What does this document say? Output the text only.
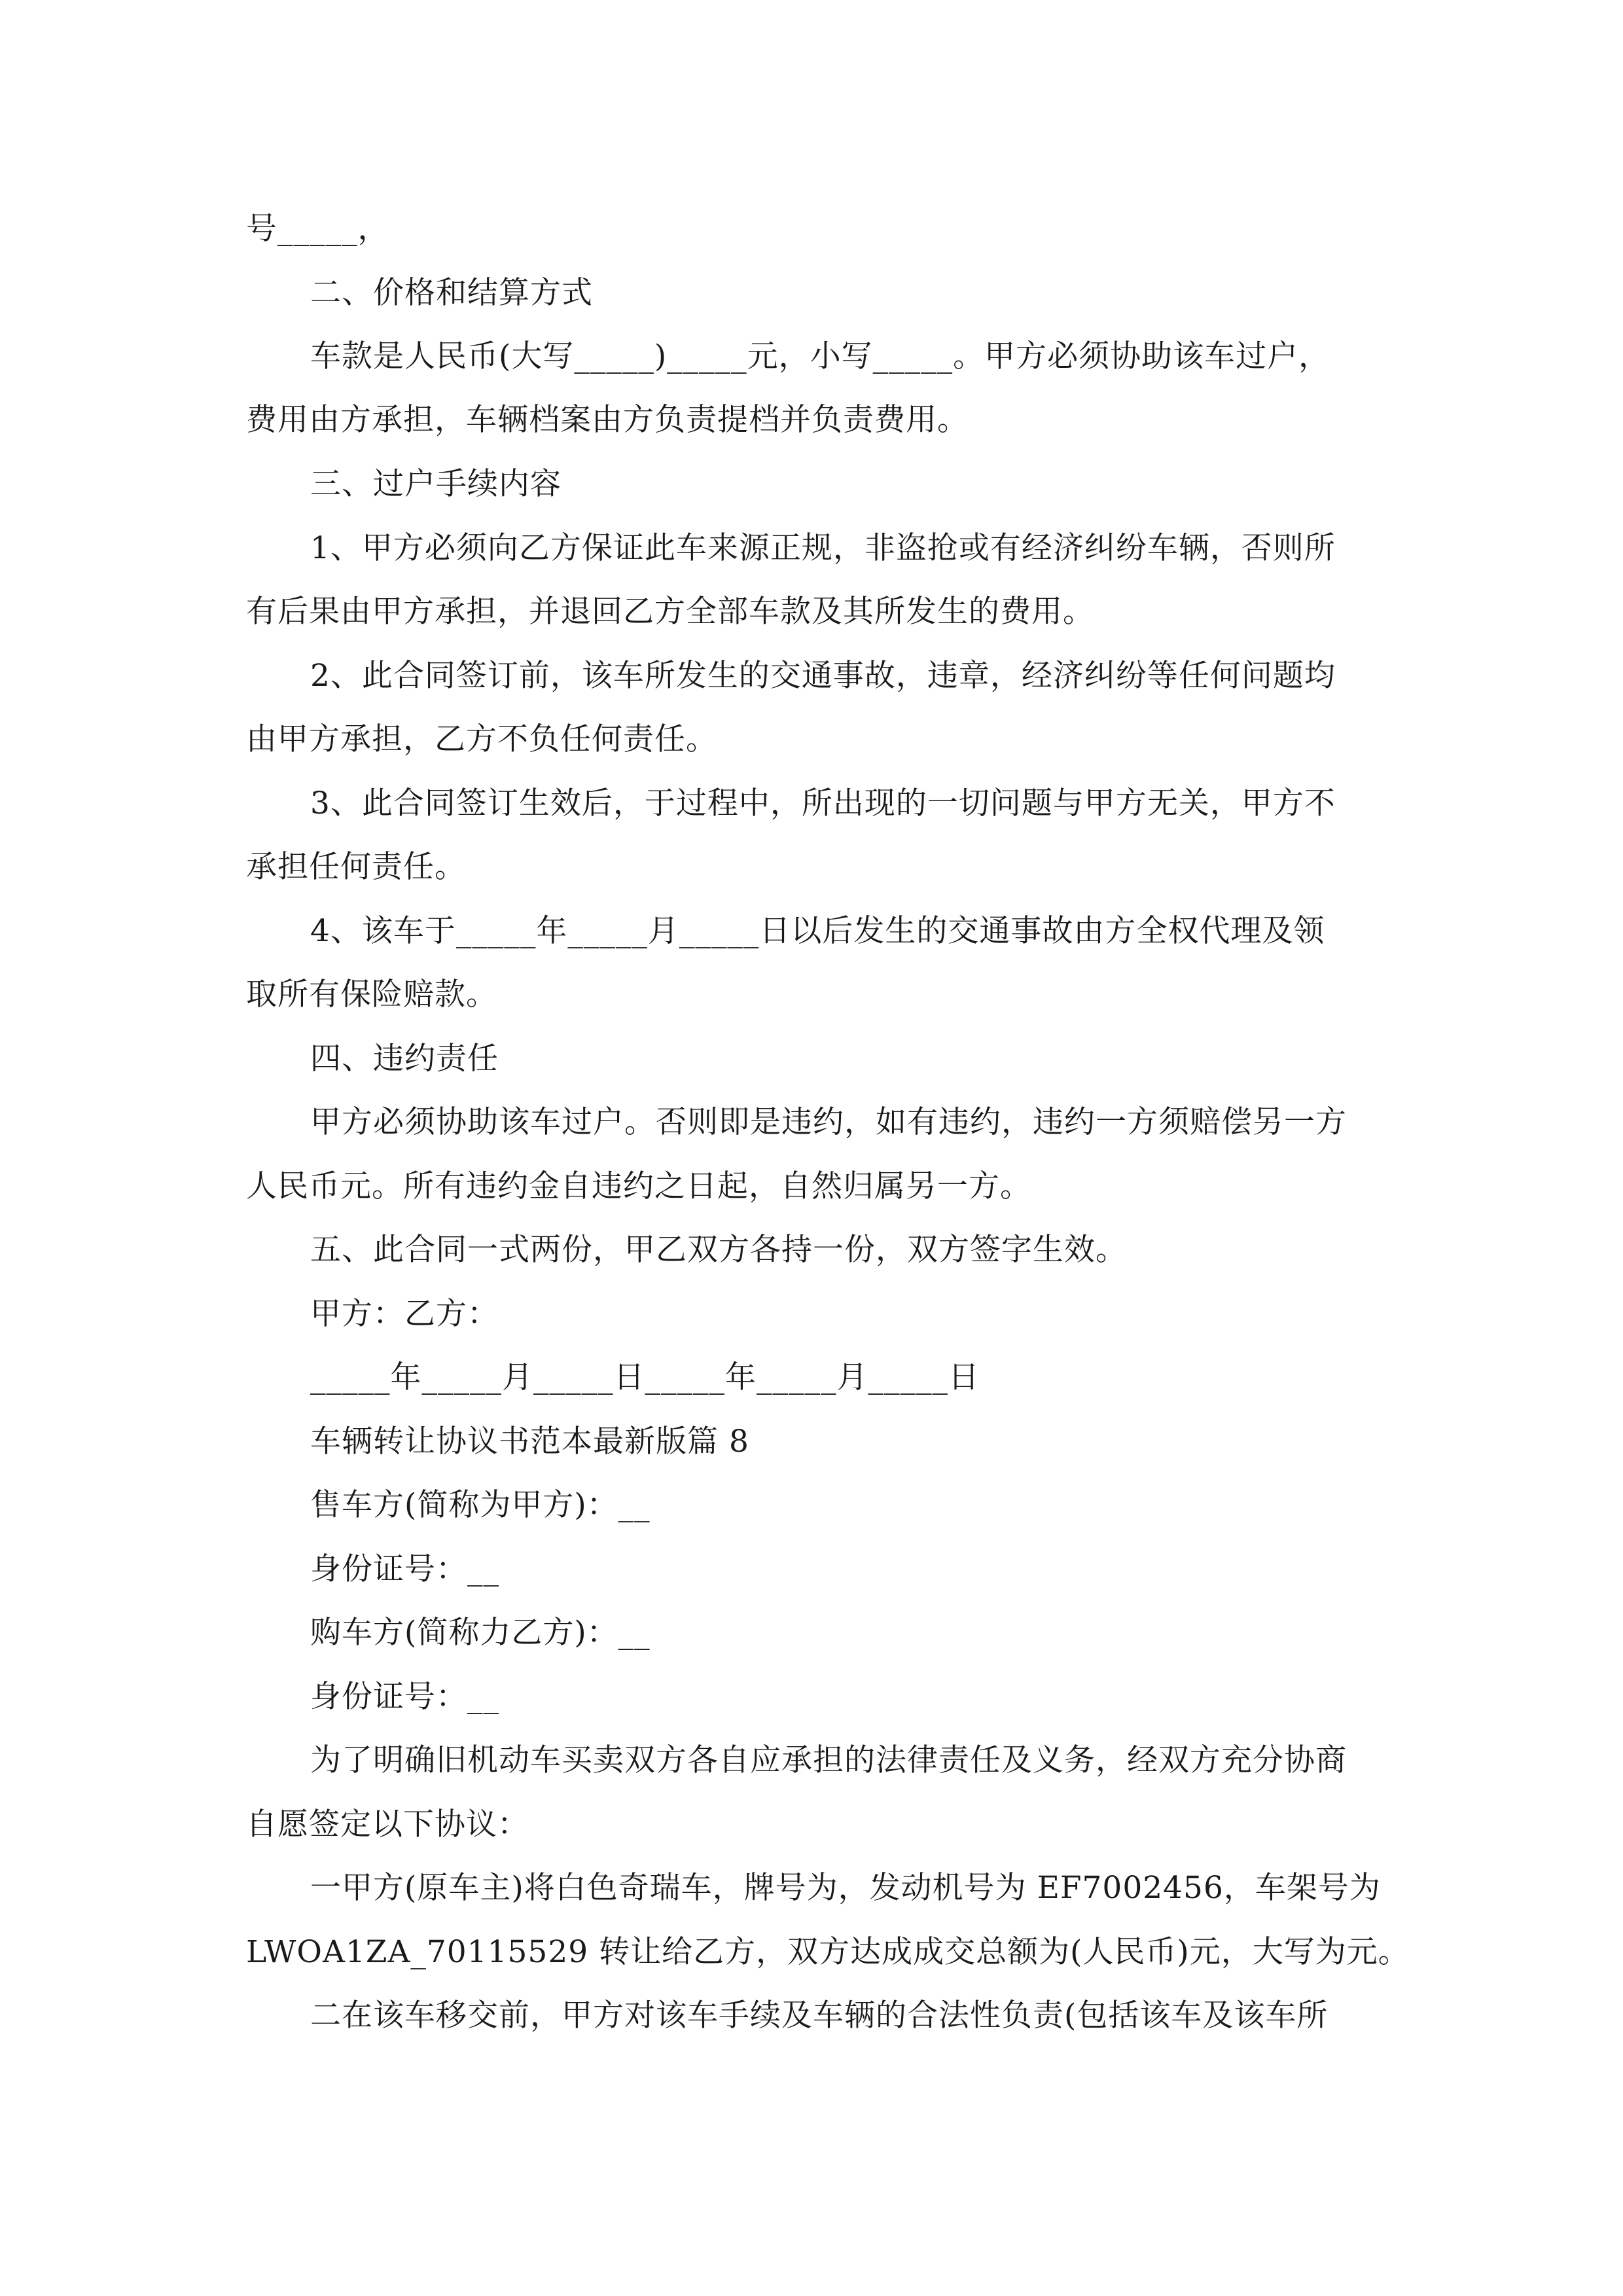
号_____，
二、价格和结算方式
车款是人民币(大写_____)_____元，小写_____。甲方必须协助该车过户，
费用由方承担，车辆档案由方负责提档并负责费用。
三、过户手续内容
1、甲方必须向乙方保证此车来源正规，非盗抢或有经济纠纷车辆，否则所
有后果由甲方承担，并退回乙方全部车款及其所发生的费用。
2、此合同签订前，该车所发生的交通事故，违章，经济纠纷等任何问题均
由甲方承担，乙方不负任何责任。
3、此合同签订生效后，于过程中，所出现的一切问题与甲方无关，甲方不
承担任何责任。
4、该车于_____年_____月_____日以后发生的交通事故由方全权代理及领
取所有保险赔款。
四、违约责任
甲方必须协助该车过户。否则即是违约，如有违约，违约一方须赔偿另一方
人民币元。所有违约金自违约之日起，自然归属另一方。
五、此合同一式两份，甲乙双方各持一份，双方签字生效。
甲方：乙方：
_____年_____月_____日_____年_____月_____日
车辆转让协议书范本最新版篇 8
售车方(简称为甲方)：__
身份证号：__
购车方(简称力乙方)：__
身份证号：__
为了明确旧机动车买卖双方各自应承担的法律责任及义务，经双方充分协商
自愿签定以下协议：
一甲方(原车主)将白色奇瑞车，牌号为，发动机号为 EF7002456，车架号为
LWOA1ZA_70115529 转让给乙方，双方达成成交总额为(人民币)元，大写为元。
二在该车移交前，甲方对该车手续及车辆的合法性负责(包括该车及该车所
